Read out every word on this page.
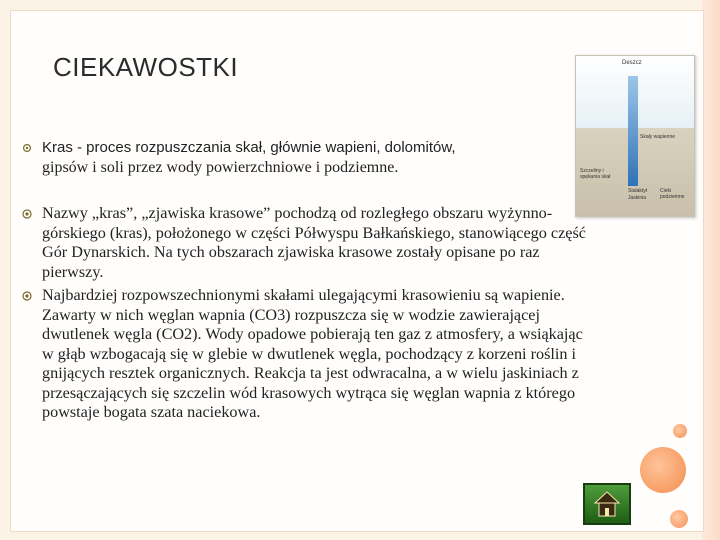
CIEKAWOSTKI
Kras - proces rozpuszczania skał, głównie wapieni, dolomitów,
gipsów i soli przez wody powierzchniowe i podziemne.
Nazwy „kras”, „zjawiska krasowe” pochodzą od rozległego obszaru wyżynno-górskiego (kras), położonego w części Półwyspu Bałkańskiego, stanowiącego część Gór Dynarskich. Na tych obszarach zjawiska krasowe zostały opisane po raz pierwszy.
Najbardziej rozpowszechnionymi skałami ulegającymi krasowieniu są wapienie. Zawarty w nich węglan wapnia (CO3) rozpuszcza się w wodzie zawierającej dwutlenek węgla (CO2). Wody opadowe pobierają ten gaz z atmosfery, a wsiąkając w głąb wzbogacają się w glebie w dwutlenek węgla, pochodzący z korzeni roślin i gnijących resztek organicznych. Reakcja ta jest odwracalna, a w wielu jaskiniach z przesączających się szczelin wód krasowych wytrąca się węglan wapnia z którego powstaje bogata szata naciekowa.
Deszcz
Skały wapienne
Szczeliny i spękania skał
Stalaktyt
Jaskinia
Cieki podziemne
